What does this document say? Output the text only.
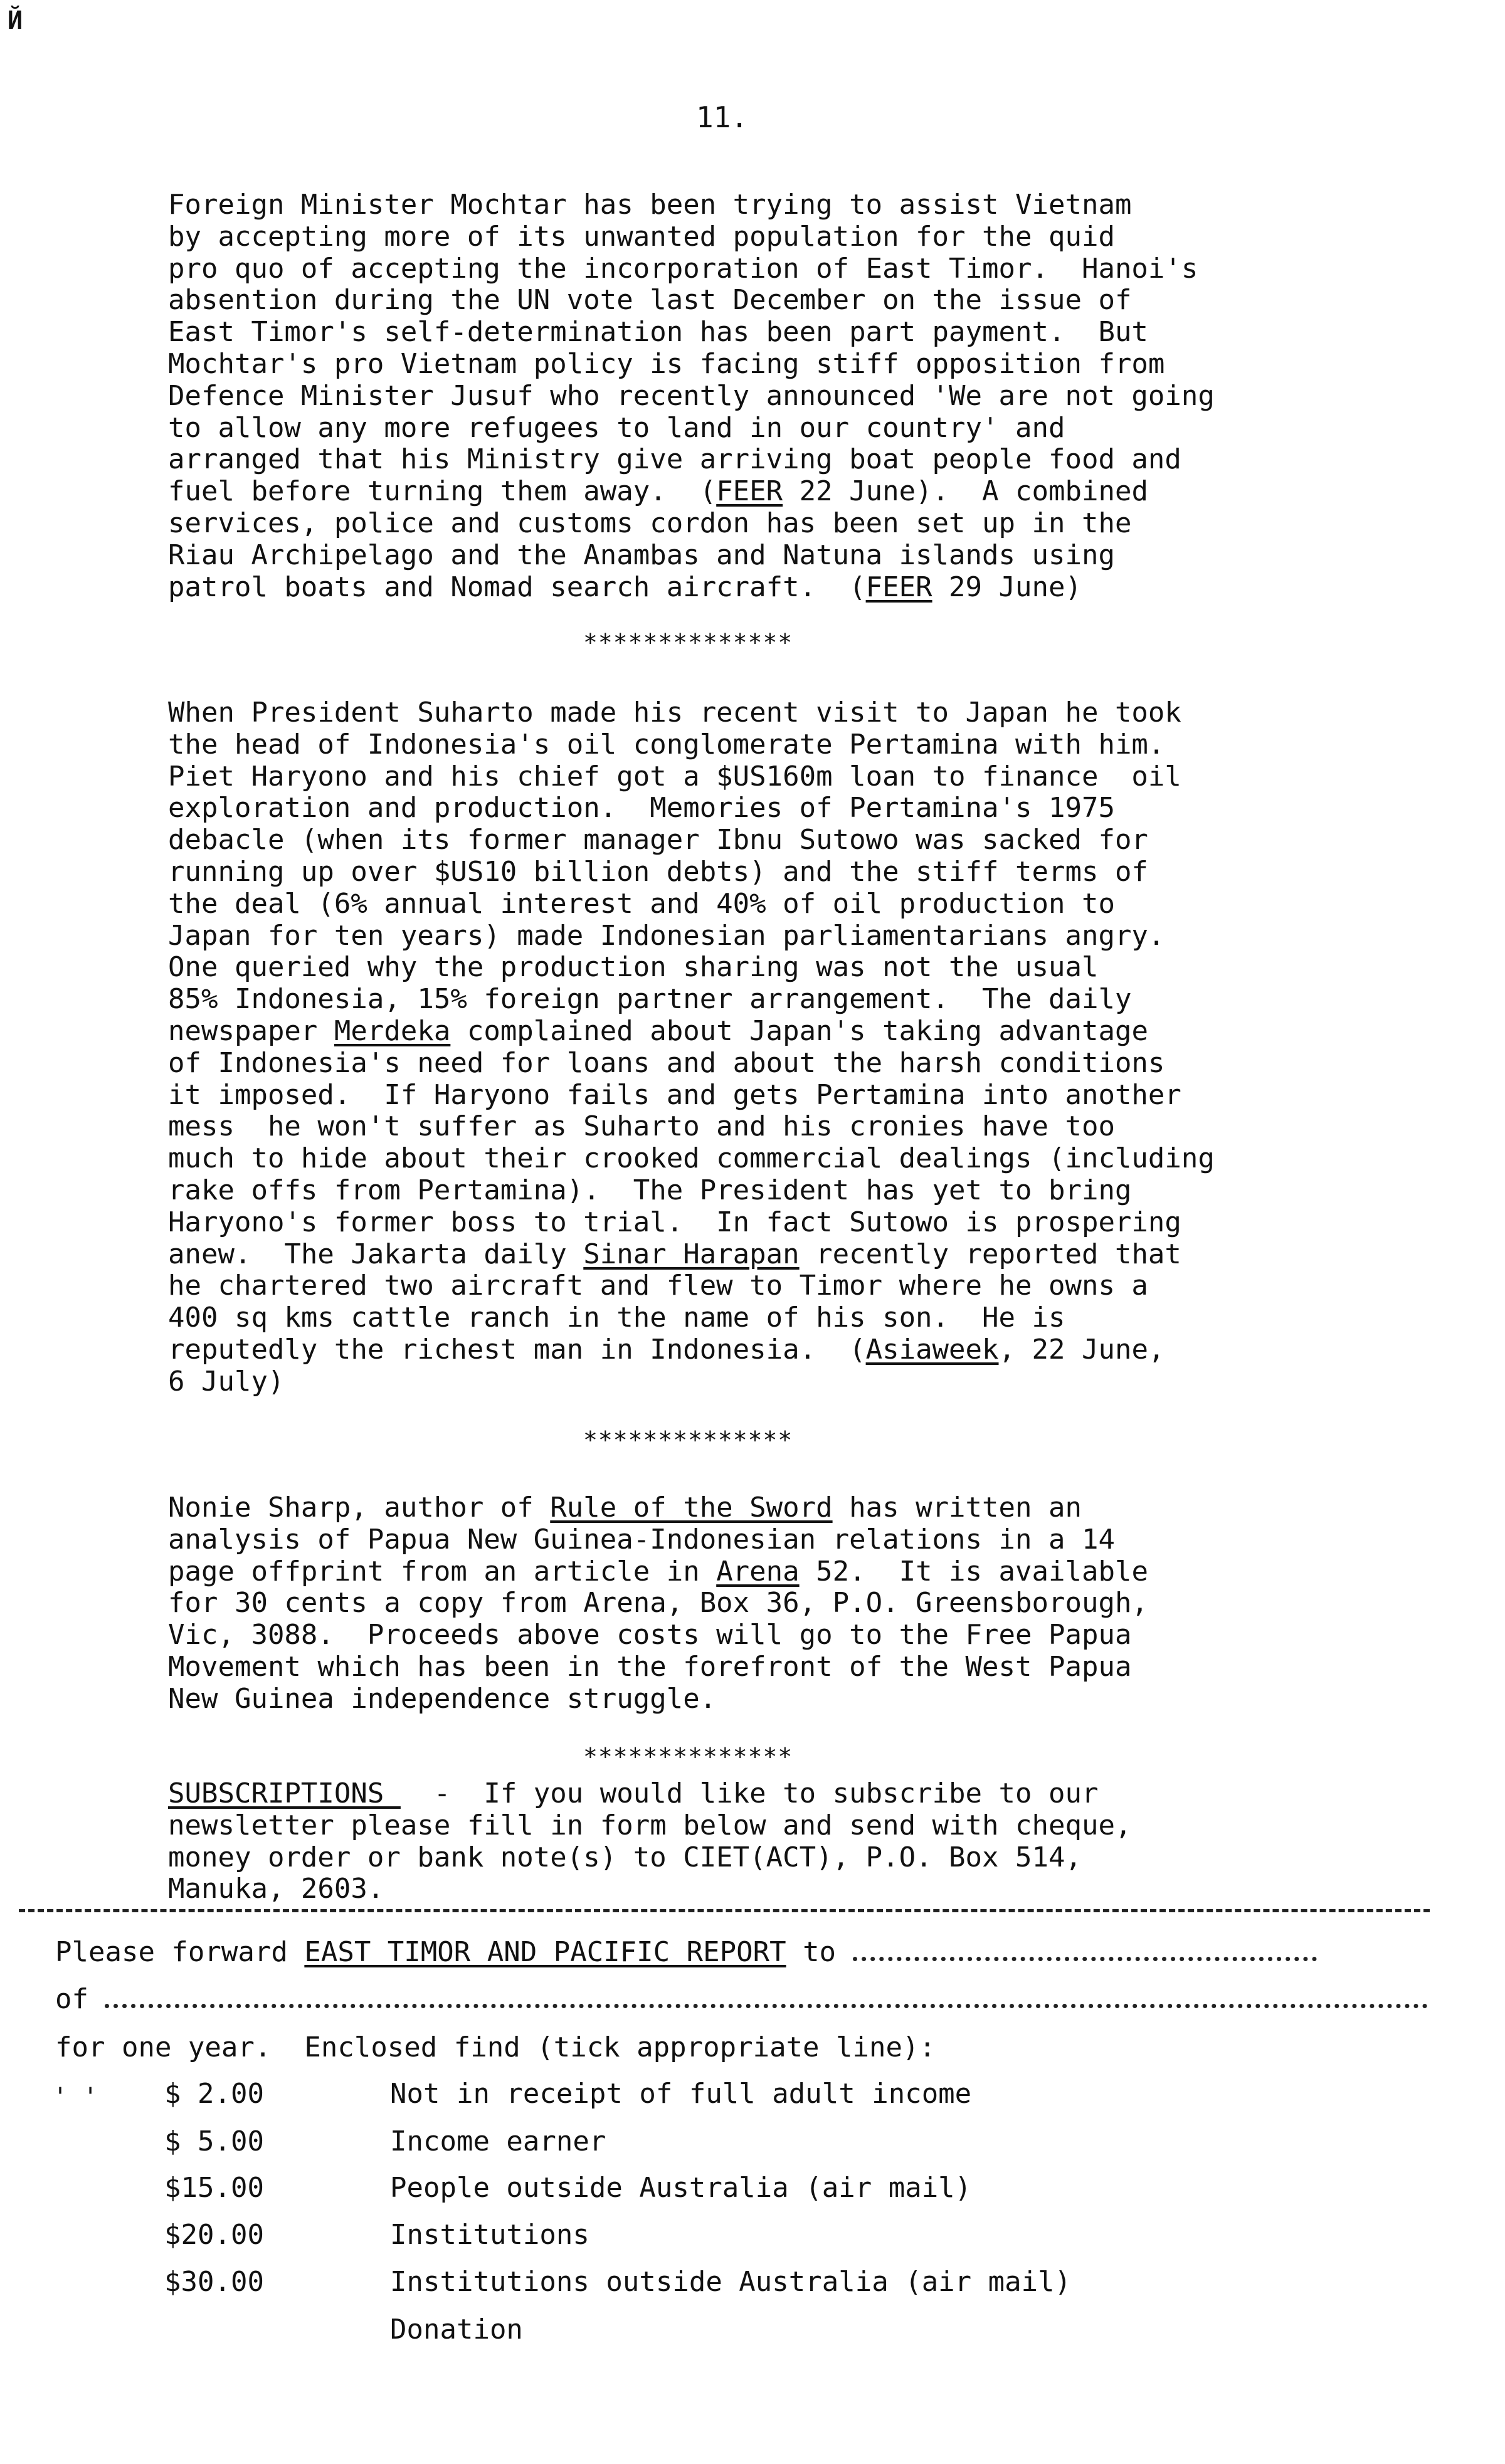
Й
11.
Foreign Minister Mochtar has been trying to assist Vietnam
by accepting more of its unwanted population for the quid
pro quo of accepting the incorporation of East Timor.  Hanoi's
absention during the UN vote last December on the issue of
East Timor's self-determination has been part payment.  But
Mochtar's pro Vietnam policy is facing stiff opposition from
Defence Minister Jusuf who recently announced 'We are not going
to allow any more refugees to land in our country' and
arranged that his Ministry give arriving boat people food and
fuel before turning them away.  (FEER 22 June).  A combined
services, police and customs cordon has been set up in the
Riau Archipelago and the Anambas and Natuna islands using
patrol boats and Nomad search aircraft.  (FEER 29 June)
**************
When President Suharto made his recent visit to Japan he took
the head of Indonesia's oil conglomerate Pertamina with him.
Piet Haryono and his chief got a $US160m loan to finance  oil
exploration and production.  Memories of Pertamina's 1975
debacle (when its former manager Ibnu Sutowo was sacked for
running up over $US10 billion debts) and the stiff terms of
the deal (6% annual interest and 40% of oil production to
Japan for ten years) made Indonesian parliamentarians angry.
One queried why the production sharing was not the usual
85% Indonesia, 15% foreign partner arrangement.  The daily
newspaper Merdeka complained about Japan's taking advantage
of Indonesia's need for loans and about the harsh conditions
it imposed.  If Haryono fails and gets Pertamina into another
mess  he won't suffer as Suharto and his cronies have too
much to hide about their crooked commercial dealings (including
rake offs from Pertamina).  The President has yet to bring
Haryono's former boss to trial.  In fact Sutowo is prospering
anew.  The Jakarta daily Sinar Harapan recently reported that
he chartered two aircraft and flew to Timor where he owns a
400 sq kms cattle ranch in the name of his son.  He is
reputedly the richest man in Indonesia.  (Asiaweek, 22 June,
6 July)
**************
Nonie Sharp, author of Rule of the Sword has written an
analysis of Papua New Guinea-Indonesian relations in a 14
page offprint from an article in Arena 52.  It is available
for 30 cents a copy from Arena, Box 36, P.O. Greensborough,
Vic, 3088.  Proceeds above costs will go to the Free Papua
Movement which has been in the forefront of the West Papua
New Guinea independence struggle.
**************
SUBSCRIPTIONS   -  If you would like to subscribe to our
newsletter please fill in form below and send with cheque,
money order or bank note(s) to CIET(ACT), P.O. Box 514,
Manuka, 2603.
Please forward EAST TIMOR AND PACIFIC REPORT to
of
for one year.  Enclosed find (tick appropriate line):
' ' $ 2.00	Not in receipt of full adult income
$ 5.00	Income earner
$15.00	People outside Australia (air mail)
$20.00	Institutions
$30.00	Institutions outside Australia (air mail)
Donation
